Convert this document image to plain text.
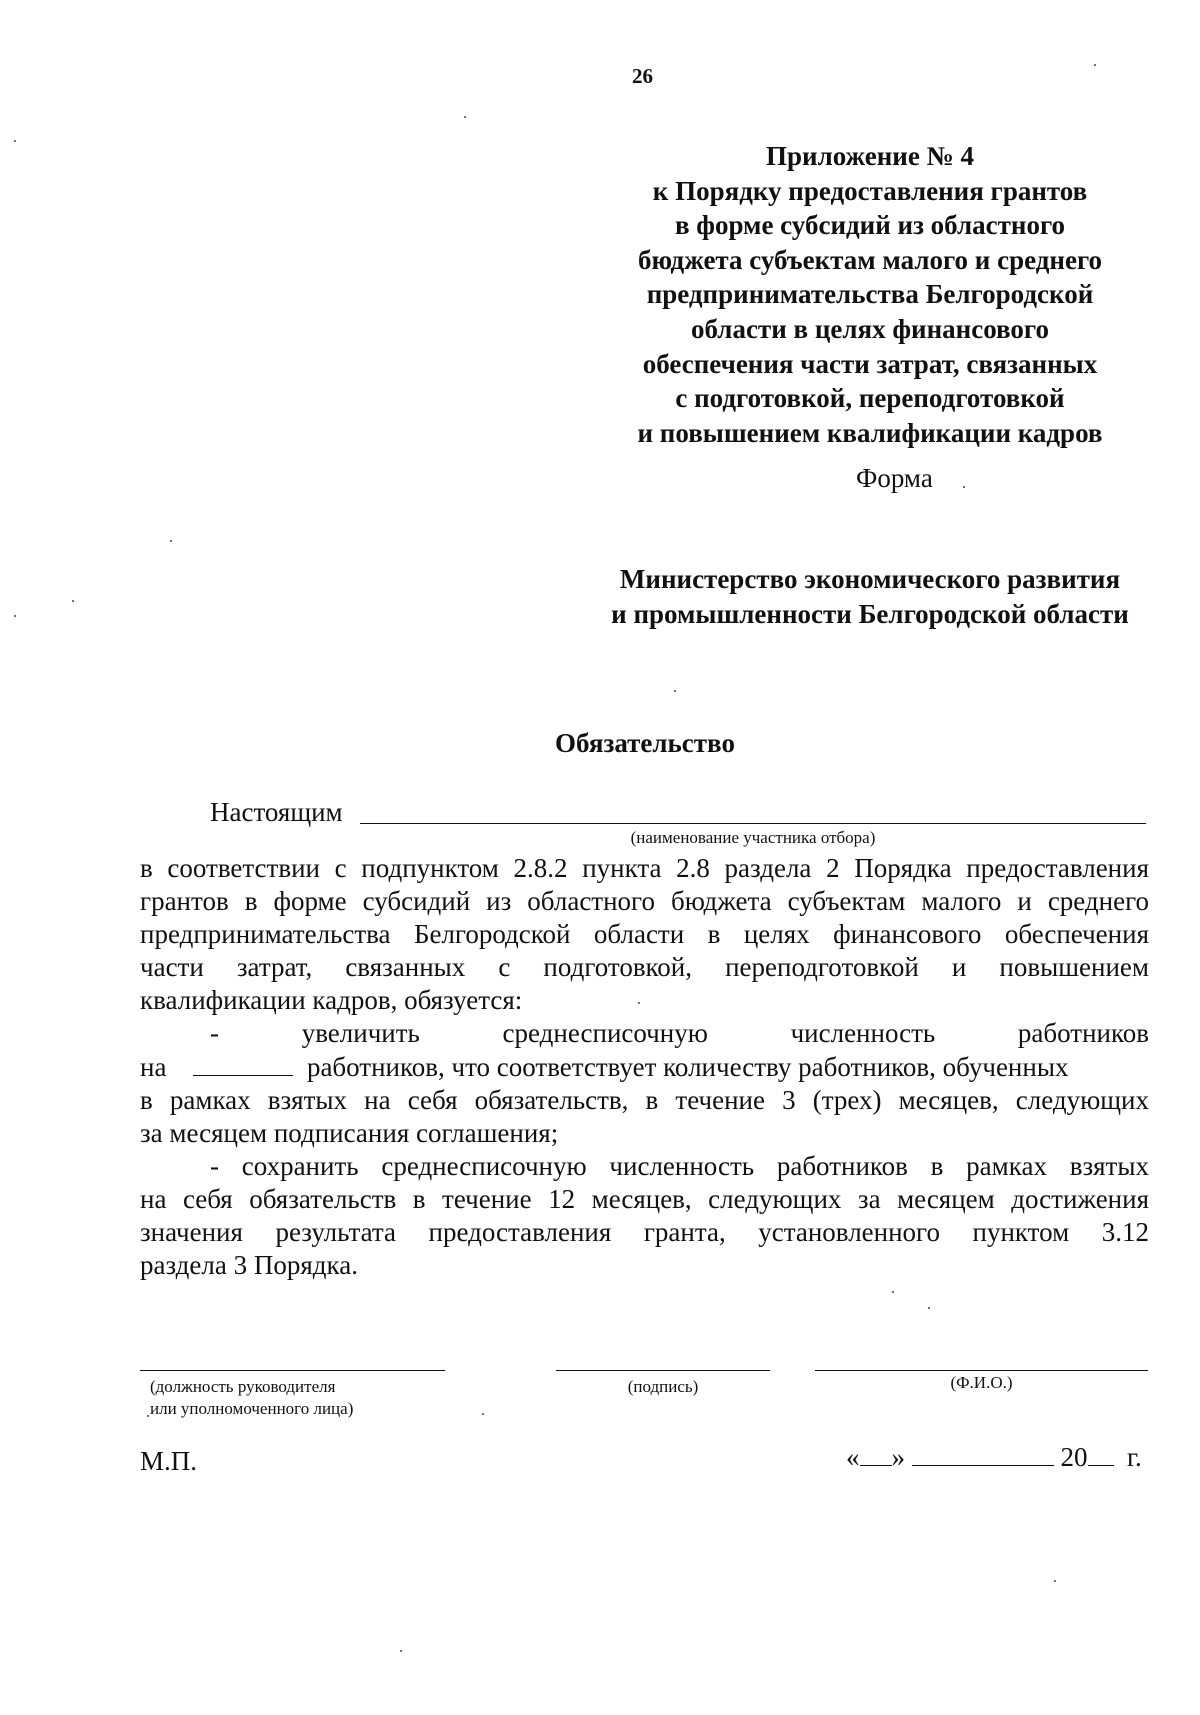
26
Приложение № 4
к Порядку предоставления грантов
в форме субсидий из областного
бюджета субъектам малого и среднего
предпринимательства Белгородской
области в целях финансового
обеспечения части затрат, связанных
с подготовкой, переподготовкой
и повышением квалификации кадров
Форма
Министерство экономического развития
и промышленности Белгородской области
Обязательство
Настоящим
(наименование участника отбора)
в соответствии с подпунктом 2.8.2 пункта 2.8 раздела 2 Порядка предоставления
грантов в форме субсидий из областного бюджета субъектам малого и среднего
предпринимательства Белгородской области в целях финансового обеспечения
части затрат, связанных с подготовкой, переподготовкой и повышением
квалификации кадров, обязуется:
- увеличить среднесписочную численность работников
на	работников, что соответствует количеству работников, обученных
в рамках взятых на себя обязательств, в течение 3 (трех) месяцев, следующих
за месяцем подписания соглашения;
- сохранить среднесписочную численность работников в рамках взятых
на себя обязательств в течение 12 месяцев, следующих за месяцем достижения
значения результата предоставления гранта, установленного пунктом 3.12
раздела 3 Порядка.
(должность руководителя
или уполномоченного лица)
(подпись)	(Ф.И.О.)
М.П.	« »	20 г.
